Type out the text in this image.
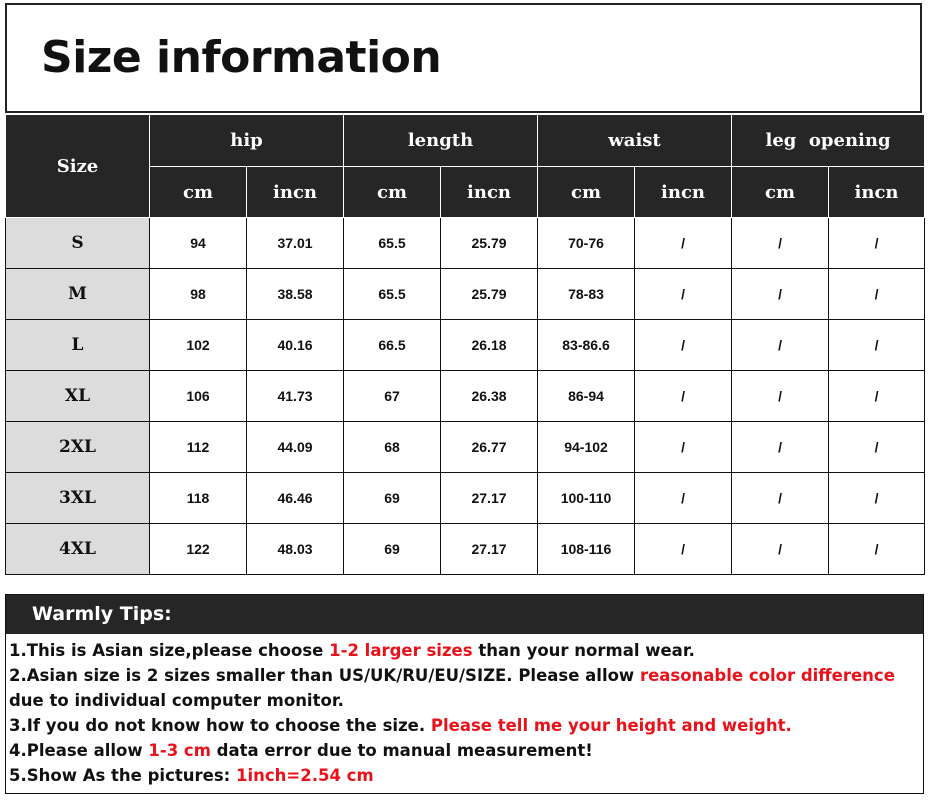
Size information
Size	hip		length		waist		leg  opening	
	cm	incn	cm	incn	cm	incn	cm	incn
S	94	37.01	65.5	25.79	70-76	/	/	/
M	98	38.58	65.5	25.79	78-83	/	/	/
L	102	40.16	66.5	26.18	83-86.6	/	/	/
XL	106	41.73	67	26.38	86-94	/	/	/
2XL	112	44.09	68	26.77	94-102	/	/	/
3XL	118	46.46	69	27.17	100-110	/	/	/
4XL	122	48.03	69	27.17	108-116	/	/	/
Warmly Tips:

1.This is Asian size,please choose 1-2 larger sizes than your normal wear.

2.Asian size is 2 sizes smaller than US/UK/RU/EU/SIZE. Please allow reasonable color difference due to individual computer monitor.

3.If you do not know how to choose the size. Please tell me your height and weight.

4.Please allow 1-3 cm data error due to manual measurement!

5.Show As the pictures: 1inch=2.54 cm
